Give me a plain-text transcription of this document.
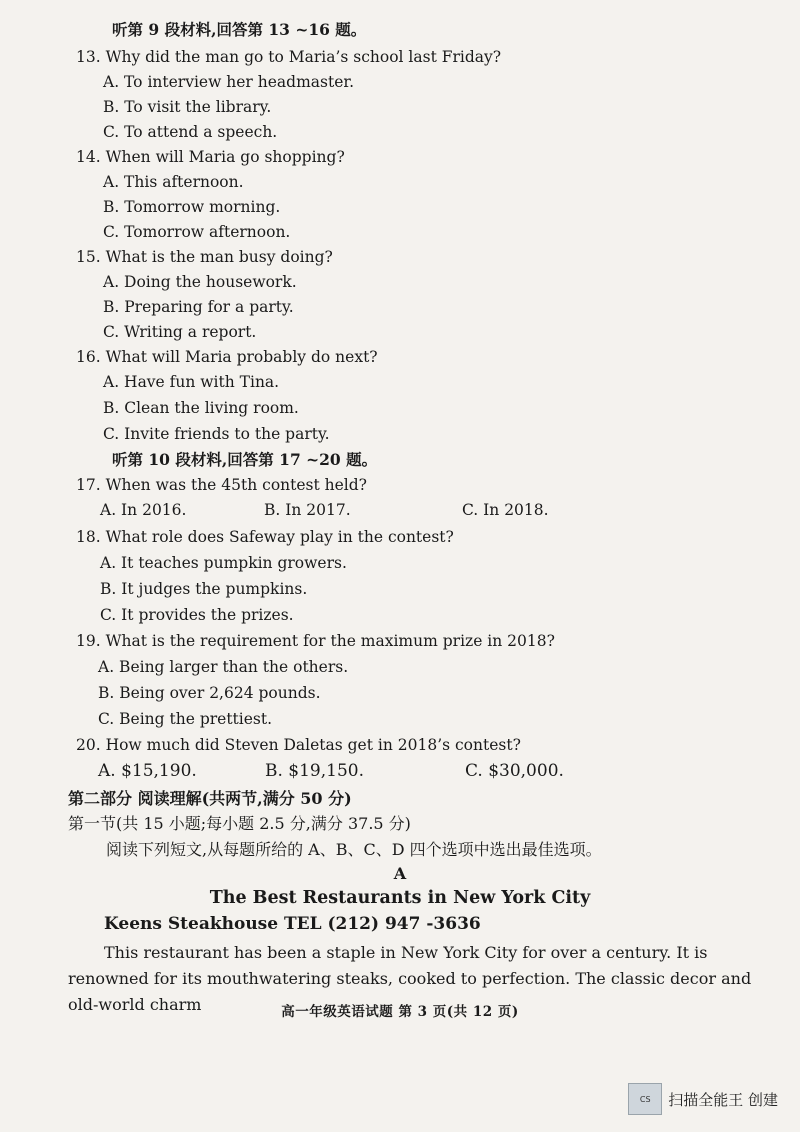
听第 9 段材料,回答第 13 ~16 题。
13. Why did the man go to Maria’s school last Friday?
A. To interview her headmaster.
B. To visit the library.
C. To attend a speech.
14. When will Maria go shopping?
A. This afternoon.
B. Tomorrow morning.
C. Tomorrow afternoon.
15. What is the man busy doing?
A. Doing the housework.
B. Preparing for a party.
C. Writing a report.
16. What will Maria probably do next?
A. Have fun with Tina.
B. Clean the living room.
C. Invite friends to the party.
听第 10 段材料,回答第 17 ~20 题。
17. When was the 45th contest held?
A. In 2016.	B. In 2017.	C. In 2018.
18. What role does Safeway play in the contest?
A. It teaches pumpkin growers.
B. It judges the pumpkins.
C. It provides the prizes.
19. What is the requirement for the maximum prize in 2018?
A. Being larger than the others.
B. Being over 2,624 pounds.
C. Being the prettiest.
20. How much did Steven Daletas get in 2018’s contest?
A. $15,190.	B. $19,150.	C. $30,000.
第二部分 阅读理解(共两节,满分 50 分)
第一节(共 15 小题;每小题 2.5 分,满分 37.5 分)
阅读下列短文,从每题所给的 A、B、C、D 四个选项中选出最佳选项。
A
The Best Restaurants in New York City
Keens Steakhouse TEL (212) 947 -3636
This restaurant has been a staple in New York City for over a century. It is renowned for its mouthwatering steaks, cooked to perfection. The classic decor and old-world charm	高一年级英语试题 第 3 页(共 12 页)
CS	扫描全能王 创建
